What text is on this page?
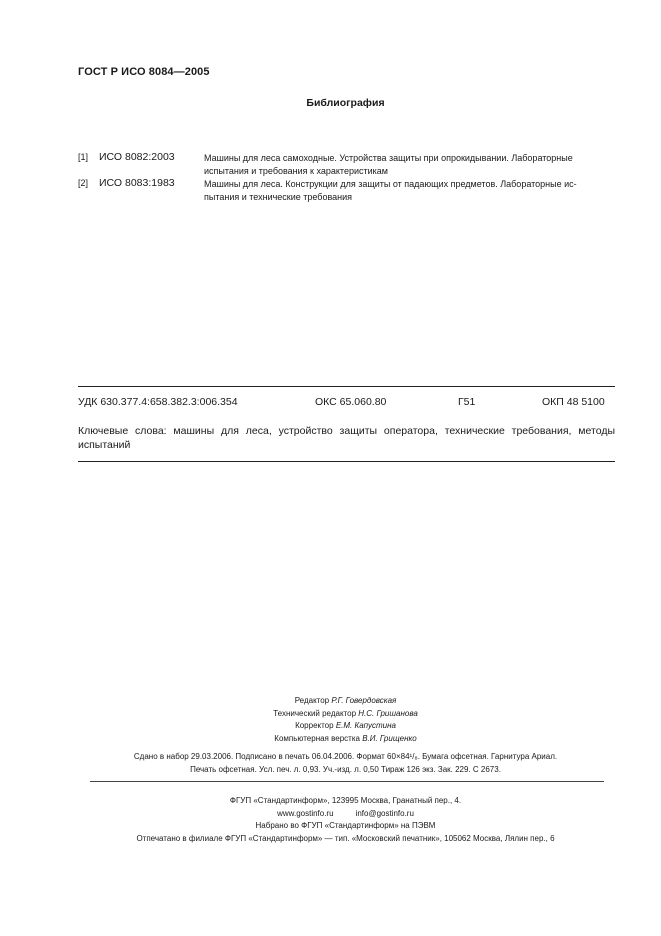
ГОСТ Р ИСО 8084—2005
Библиография
[1] ИСО 8082:2003	Машины для леса самоходные. Устройства защиты при опрокидывании. Лабораторные
испытания и требования к характеристикам
[2] ИСО 8083:1983	Машины для леса. Конструкции для защиты от падающих предметов. Лабораторные ис-
пытания и технические требования
УДК 630.377.4:658.382.3:006.354	ОКС 65.060.80	Г51	ОКП 48 5100
Ключевые слова: машины для леса, устройство защиты оператора, технические требования, методы испытаний
Редактор Р.Г. Говердовская
Технический редактор Н.С. Гришанова
Корректор Е.М. Капустина
Компьютерная верстка В.И. Грищенко
Сдано в набор 29.03.2006. Подписано в печать 06.04.2006. Формат 60×84¹/₈. Бумага офсетная. Гарнитура Ариал.
Печать офсетная. Усл. печ. л. 0,93. Уч.-изд. л. 0,50 Тираж 126 экз. Зак. 229. С 2673.
ФГУП «Стандартинформ», 123995 Москва, Гранатный пер., 4.
www.gostinfo.ru	info@gostinfo.ru
Набрано во ФГУП «Стандартинформ» на ПЭВМ
Отпечатано в филиале ФГУП «Стандартинформ» — тип. «Московский печатник», 105062 Москва, Лялин пер., 6
